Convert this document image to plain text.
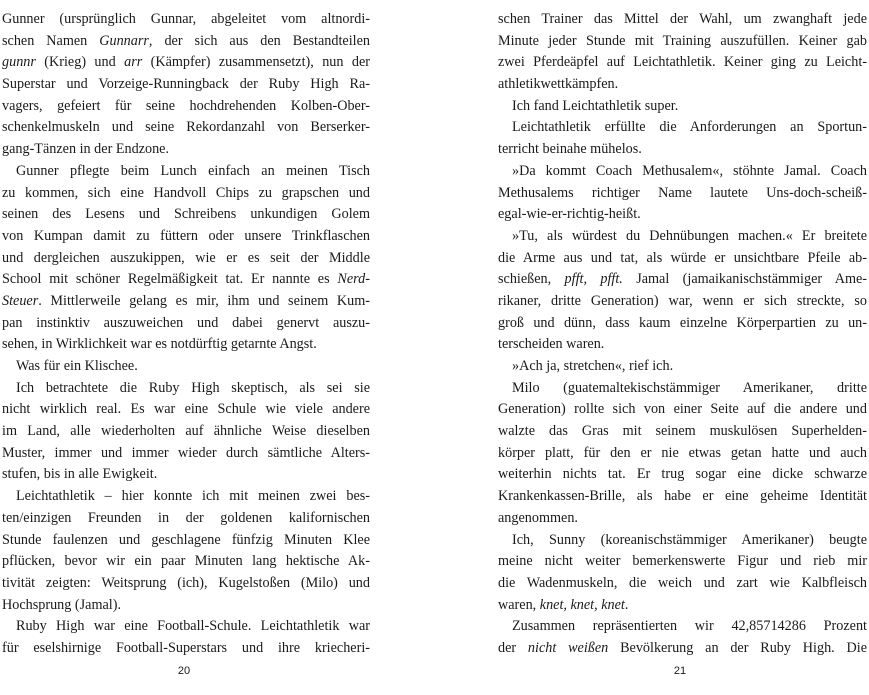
Gunner (ursprünglich Gunnar, abgeleitet vom altnordi-

schen Namen Gunnarr, der sich aus den Bestandteilen

gunnr (Krieg) und arr (Kämpfer) zusammensetzt), nun der

Superstar und Vorzeige-Runningback der Ruby High Ra-

vagers, gefeiert für seine hochdrehenden Kolben-Ober-

schenkelmuskeln und seine Rekordanzahl von Berserker-

gang-Tänzen in der Endzone.

Gunner pflegte beim Lunch einfach an meinen Tisch

zu kommen, sich eine Handvoll Chips zu grapschen und

seinen des Lesens und Schreibens unkundigen Golem

von Kumpan damit zu füttern oder unsere Trinkflaschen

und dergleichen auszukippen, wie er es seit der Middle

School mit schöner Regelmäßigkeit tat. Er nannte es Nerd-

Steuer. Mittlerweile gelang es mir, ihm und seinem Kum-

pan instinktiv auszuweichen und dabei genervt auszu-

sehen, in Wirklichkeit war es notdürftig getarnte Angst.

Was für ein Klischee.

Ich betrachtete die Ruby High skeptisch, als sei sie

nicht wirklich real. Es war eine Schule wie viele andere

im Land, alle wiederholten auf ähnliche Weise dieselben

Muster, immer und immer wieder durch sämtliche Alters-

stufen, bis in alle Ewigkeit.

Leichtathletik – hier konnte ich mit meinen zwei bes-

ten/einzigen Freunden in der goldenen kalifornischen

Stunde faulenzen und geschlagene fünfzig Minuten Klee

pflücken, bevor wir ein paar Minuten lang hektische Ak-

tivität zeigten: Weitsprung (ich), Kugelstoßen (Milo) und

Hochsprung (Jamal).

Ruby High war eine Football-Schule. Leichtathletik war

für eselshirnige Football-Superstars und ihre kriecheri-

20

schen Trainer das Mittel der Wahl, um zwanghaft jede

Minute jeder Stunde mit Training auszufüllen. Keiner gab

zwei Pferdeäpfel auf Leichtathletik. Keiner ging zu Leicht-

athletikwettkämpfen.

Ich fand Leichtathletik super.

Leichtathletik erfüllte die Anforderungen an Sportun-

terricht beinahe mühelos.

»Da kommt Coach Methusalem«, stöhnte Jamal. Coach

Methusalems richtiger Name lautete Uns-doch-scheiß-

egal-wie-er-richtig-heißt.

»Tu, als würdest du Dehnübungen machen.« Er breitete

die Arme aus und tat, als würde er unsichtbare Pfeile ab-

schießen, pfft, pfft. Jamal (jamaikanischstämmiger Ame-

rikaner, dritte Generation) war, wenn er sich streckte, so

groß und dünn, dass kaum einzelne Körperpartien zu un-

terscheiden waren.

»Ach ja, stretchen«, rief ich.

Milo (guatemaltekischstämmiger Amerikaner, dritte

Generation) rollte sich von einer Seite auf die andere und

walzte das Gras mit seinem muskulösen Superhelden-

körper platt, für den er nie etwas getan hatte und auch

weiterhin nichts tat. Er trug sogar eine dicke schwarze

Krankenkassen-Brille, als habe er eine geheime Identität

angenommen.

Ich, Sunny (koreanischstämmiger Amerikaner) beugte

meine nicht weiter bemerkenswerte Figur und rieb mir

die Wadenmuskeln, die weich und zart wie Kalbfleisch

waren, knet, knet, knet.

Zusammen repräsentierten wir 42,85714286 Prozent

der nicht weißen Bevölkerung an der Ruby High. Die

21
